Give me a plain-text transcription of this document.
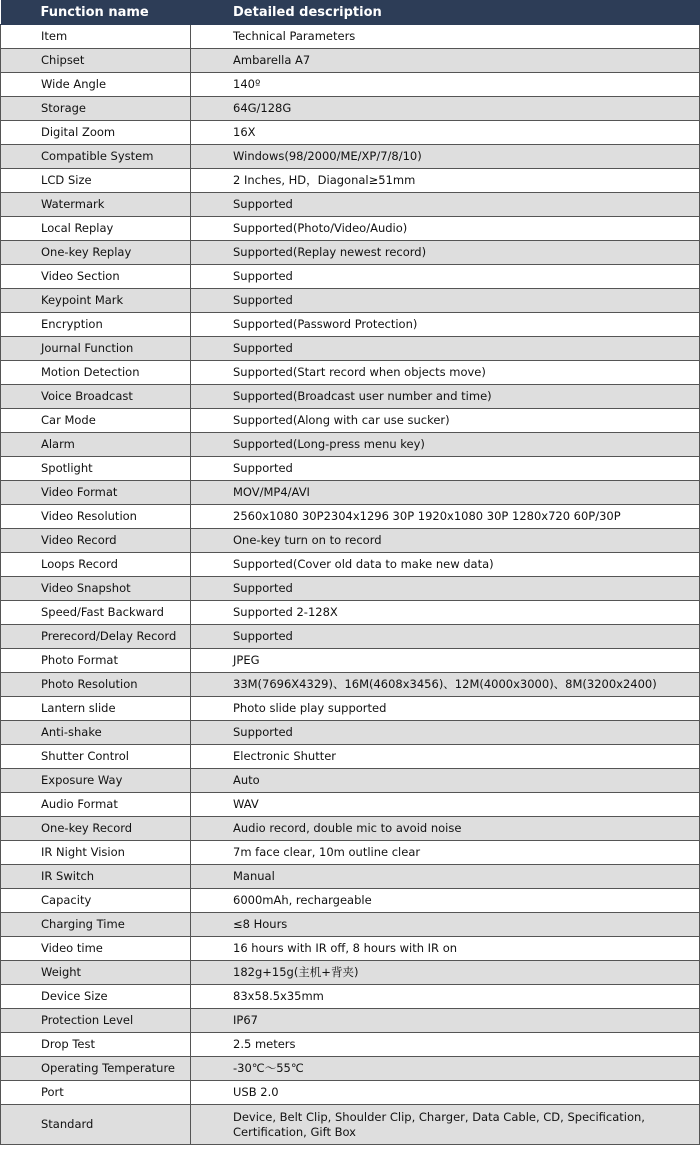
Function name	Detailed description
Item	Technical Parameters
Chipset	Ambarella A7
Wide Angle	140º
Storage	64G/128G
Digital Zoom	16X
Compatible System	Windows(98/2000/ME/XP/7/8/10)
LCD Size	2 Inches, HD，Diagonal≥51mm
Watermark	Supported
Local Replay	Supported(Photo/Video/Audio)
One-key Replay	Supported(Replay newest record)
Video Section	Supported
Keypoint Mark	Supported
Encryption	Supported(Password Protection)
Journal Function	Supported
Motion Detection	Supported(Start record when objects move)
Voice Broadcast	Supported(Broadcast user number and time)
Car Mode	Supported(Along with car use sucker)
Alarm	Supported(Long-press menu key)
Spotlight	Supported
Video Format	MOV/MP4/AVI
Video Resolution	2560x1080 30P2304x1296 30P 1920x1080 30P 1280x720 60P/30P
Video Record	One-key turn on to record
Loops Record	Supported(Cover old data to make new data)
Video Snapshot	Supported
Speed/Fast Backward	Supported 2-128X
Prerecord/Delay Record	Supported
Photo Format	JPEG
Photo Resolution	33M(7696X4329)、16M(4608x3456)、12M(4000x3000)、8M(3200x2400)
Lantern slide	Photo slide play supported
Anti-shake	Supported
Shutter Control	Electronic Shutter
Exposure Way	Auto
Audio Format	WAV
One-key Record	Audio record, double mic to avoid noise
IR Night Vision	7m face clear, 10m outline clear
IR Switch	Manual
Capacity	6000mAh, rechargeable
Charging Time	≤8 Hours
Video time	16 hours with IR off, 8 hours with IR on
Weight	182g+15g(主机+背夹)
Device Size	83x58.5x35mm
Protection Level	IP67
Drop Test	2.5 meters
Operating Temperature	-30℃～55℃
Port	USB 2.0
Standard	Device, Belt Clip, Shoulder Clip, Charger, Data Cable, CD, Specification, Certification, Gift Box
